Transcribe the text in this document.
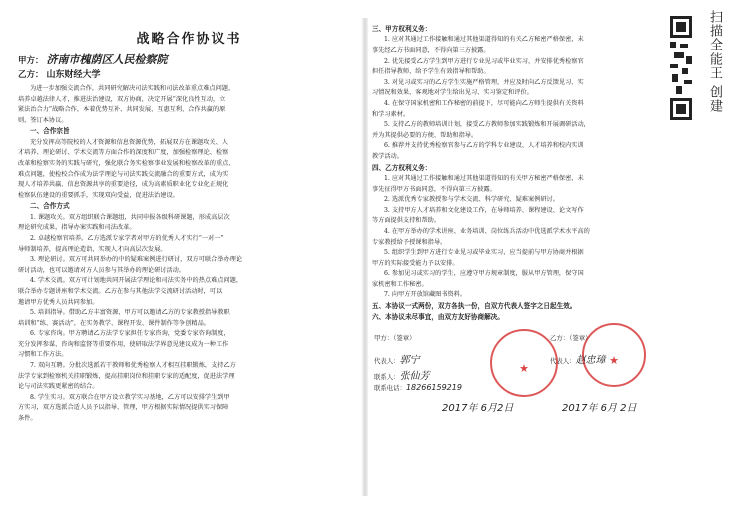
战略合作协议书
甲方： 济南市槐荫区人民检察院
乙方： 山东财经大学

为进一步加强交流合作，共同研究解决司法实践和司法改革重点难点问题，

培养卓越法律人才，推进法治建设，双方协商，决定开展“深化良性互动，立

紧法治合力”战略合作，本着优势互补、共同发展、互惠互利、合作共赢的原

则，签订本协议。

一、合作宗旨

充分发挥高等院校的人才资源和信息资源优势，拓展双方在课题攻关、人

才培养、理论研讨、学术交流等方面合作的深度和广度，加强检察理论、检察

改革和检察实务的实践与研究，强化联合务实检察事业发展和检察改革的重点、

难点问题，使检校合作成为法学理论与司法实践交流融合的重要方式，成为实

现人才培养共赢、信息资源共享的重要途径，成为高素质职业化专业化正规化

检察队伍建设的重要抓手，实现双向受益，促进法治建设。

二、合作方式

1. 课题攻关。双方组织联合课题组，共同申报各级科研课题，形成高层次

理论研究成果，指导办案实践和司法改革。

2. 卓越检察官培养。乙方选派专家学者对甲方的优秀人才实行“一对一”

导师制培养，提高理论造诣，实现人才向高层次发展。

3. 理论研讨。双方可共同举办的中的疑难案例进行研讨，双方可联合举办理论

研讨活动，也可以邀请对方人员参与其举办的理论研讨活动。

4. 学术交流。双方可计划地共同开展法学理论和司法实务中的热点难点问题，

联合举办专题讲座和学术交流。乙方在参与其他法学交流研讨活动时，可以

邀请甲方优秀人员共同参加。

5. 培训指导。借助乙方丰富资源，甲方可以邀请乙方的专家教授指导教职

培训和“练、赛活动”，在实务教学、课程开发、课件制作等争创精品。

6. 专家咨询。甲方聘请乙方法学专家担任专家咨询，党委专家咨询制度，

充分发挥参谋、咨询和监督等重要作用，使研取法学界意见建议成为一种工作

习惯和工作方法。

7. 双向互聘。分批次选派若干教师和优秀检察人才相互挂职锻炼，支持乙方

法学专家到检察机关挂职锻炼，提高挂职岗位和挂职专家的适配度，促进法学理

论与司法实践更紧密的结合。

8. 学生实习。双方联合在甲方设立教学实习基地，乙方可以安排学生到甲

方实习，双方选派合适人员予以指导、管理，甲方根据实际情况提供实习保障

条件。

三、甲方权利义务：

1. 应对其通过工作接触和通过其他渠道得知的有关乙方秘密严格保密，未

事先经乙方书面同意，不得向第三方披露。

2. 优先接受乙方学生到甲方进行专业见习或毕业实习，并安排优秀检察官

担任指导教师，给予学生有效指导和帮助。

3. 对见习或实习的乙方学生实施严格管理，并应及时向乙方反馈见习、实

习情况和效果，客观地对学生给出见习、实习鉴定和评价。

4. 在保守国家机密和工作秘密的前提下，尽可能向乙方师生提供有关资料

和学习素材。

5. 支持乙方的教师培训计划，接受乙方教师参加实践锻炼和开展调研活动，

并为其提供必要的方便、帮助和指导。

6. 推荐并支持优秀检察官参与乙方的学科专业建设、人才培养和校内实训

教学活动。

四、乙方权利义务：

1. 应对其通过工作接触和通过其他渠道得知的有关甲方秘密严格保密，未

事先征得甲方书面同意，不得向第三方披露。

2. 选派优秀专家教授参与学术交流、科学研究、疑难案例研讨。

3. 支持甲方人才培养和文化建设工作，在导师培养、课程建设、论文写作

等方面提供支持和帮助。

4. 在甲方举办的学术讲座、业务培训、岗位练兵活动中优选派学术水平高的

专家教授给予授课和指导。

5. 组织学生到甲方进行专业见习或毕业实习，应当提前与甲方协商并根据

甲方的实际接受能力予以安排。

6. 参加见习或实习的学生，应遵守甲方规章制度，服从甲方管理，保守国

家机密和工作秘密。

7. 向甲方开放馆藏图书资料。

五、本协议一式两份，双方各执一份，自双方代表人签字之日起生效。
六、本协议未尽事宜，由双方友好协商解决。
★
★
甲方：（签章）	乙方：（签章）
代表人：郭宁	代表人：赵忠璋
联系人：张仙芳
联系电话：18266159219
2017年 6月2日	2017年 6月 2日
扫描全能王 创建
